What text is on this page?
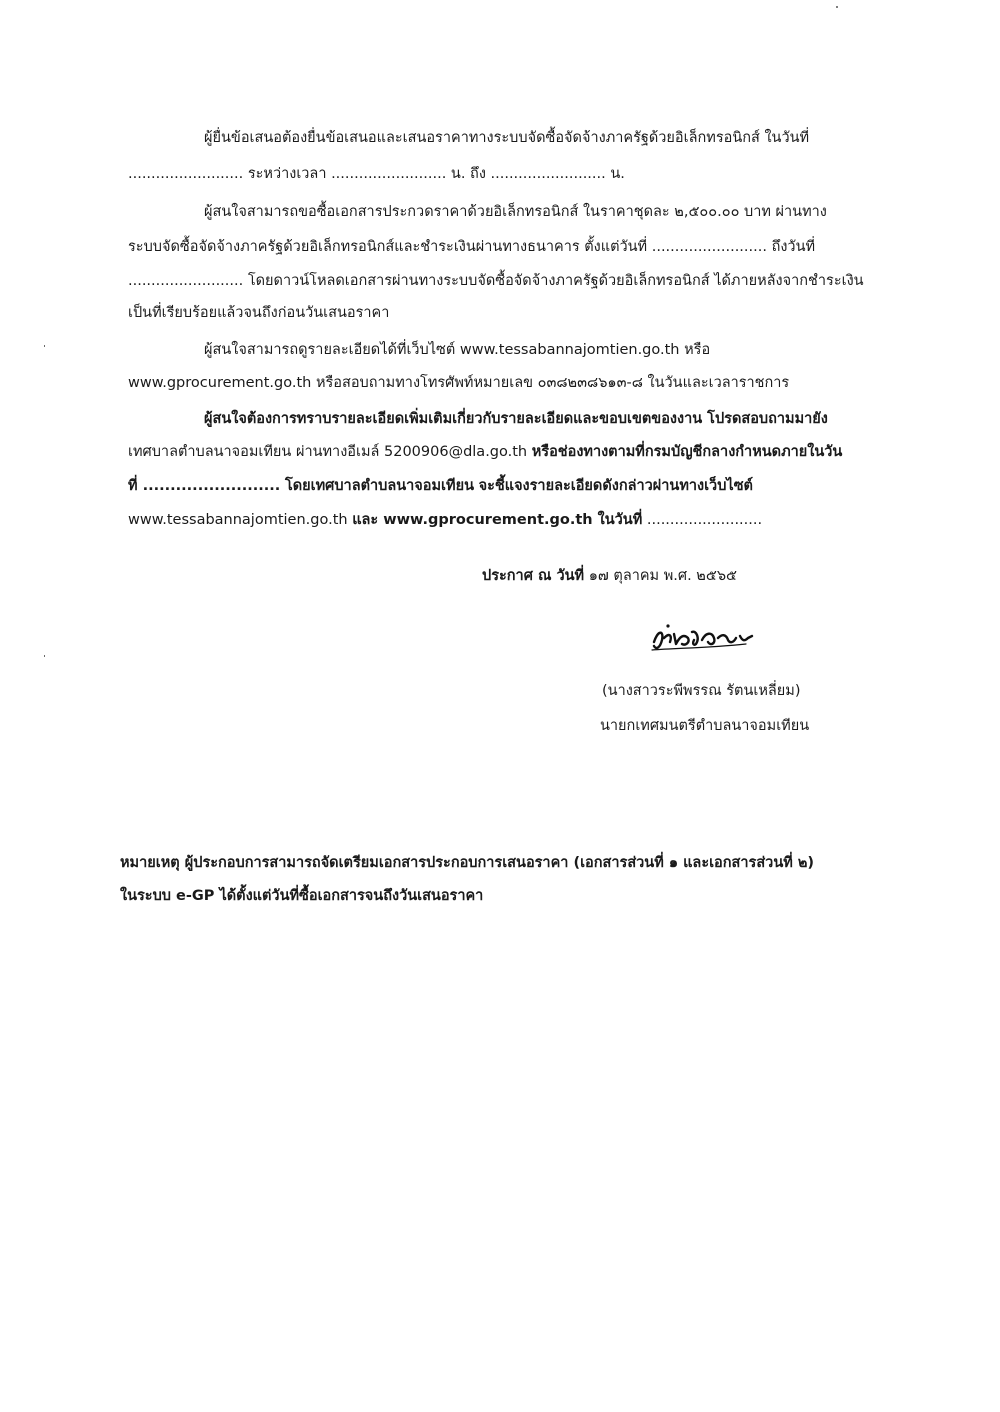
ผู้ยื่นข้อเสนอต้องยื่นข้อเสนอและเสนอราคาทางระบบจัดซื้อจัดจ้างภาครัฐด้วยอิเล็กทรอนิกส์ ในวันที่
......................... ระหว่างเวลา ......................... น. ถึง ......................... น.
ผู้สนใจสามารถขอซื้อเอกสารประกวดราคาด้วยอิเล็กทรอนิกส์ ในราคาชุดละ ๒,๕๐๐.๐๐ บาท ผ่านทาง
ระบบจัดซื้อจัดจ้างภาครัฐด้วยอิเล็กทรอนิกส์และชำระเงินผ่านทางธนาคาร ตั้งแต่วันที่ ......................... ถึงวันที่
......................... โดยดาวน์โหลดเอกสารผ่านทางระบบจัดซื้อจัดจ้างภาครัฐด้วยอิเล็กทรอนิกส์ ได้ภายหลังจากชำระเงิน
เป็นที่เรียบร้อยแล้วจนถึงก่อนวันเสนอราคา
ผู้สนใจสามารถดูรายละเอียดได้ที่เว็บไซต์ www.tessabannajomtien.go.th หรือ
www.gprocurement.go.th หรือสอบถามทางโทรศัพท์หมายเลข ๐๓๘๒๓๘๖๑๓-๘ ในวันและเวลาราชการ
ผู้สนใจต้องการทราบรายละเอียดเพิ่มเติมเกี่ยวกับรายละเอียดและขอบเขตของงาน โปรดสอบถามมายัง
เทศบาลตำบลนาจอมเทียน ผ่านทางอีเมล์ 5200906@dla.go.th หรือช่องทางตามที่กรมบัญชีกลางกำหนดภายในวัน
ที่ ......................... โดยเทศบาลตำบลนาจอมเทียน จะชี้แจงรายละเอียดดังกล่าวผ่านทางเว็บไซต์
www.tessabannajomtien.go.th และ www.gprocurement.go.th ในวันที่ .........................
ประกาศ ณ วันที่ ๑๗ ตุลาคม พ.ศ. ๒๕๖๕
(นางสาวระพีพรรณ รัตนเหลี่ยม)
นายกเทศมนตรีตำบลนาจอมเทียน
หมายเหตุ ผู้ประกอบการสามารถจัดเตรียมเอกสารประกอบการเสนอราคา (เอกสารส่วนที่ ๑ และเอกสารส่วนที่ ๒)
ในระบบ e-GP ได้ตั้งแต่วันที่ซื้อเอกสารจนถึงวันเสนอราคา
